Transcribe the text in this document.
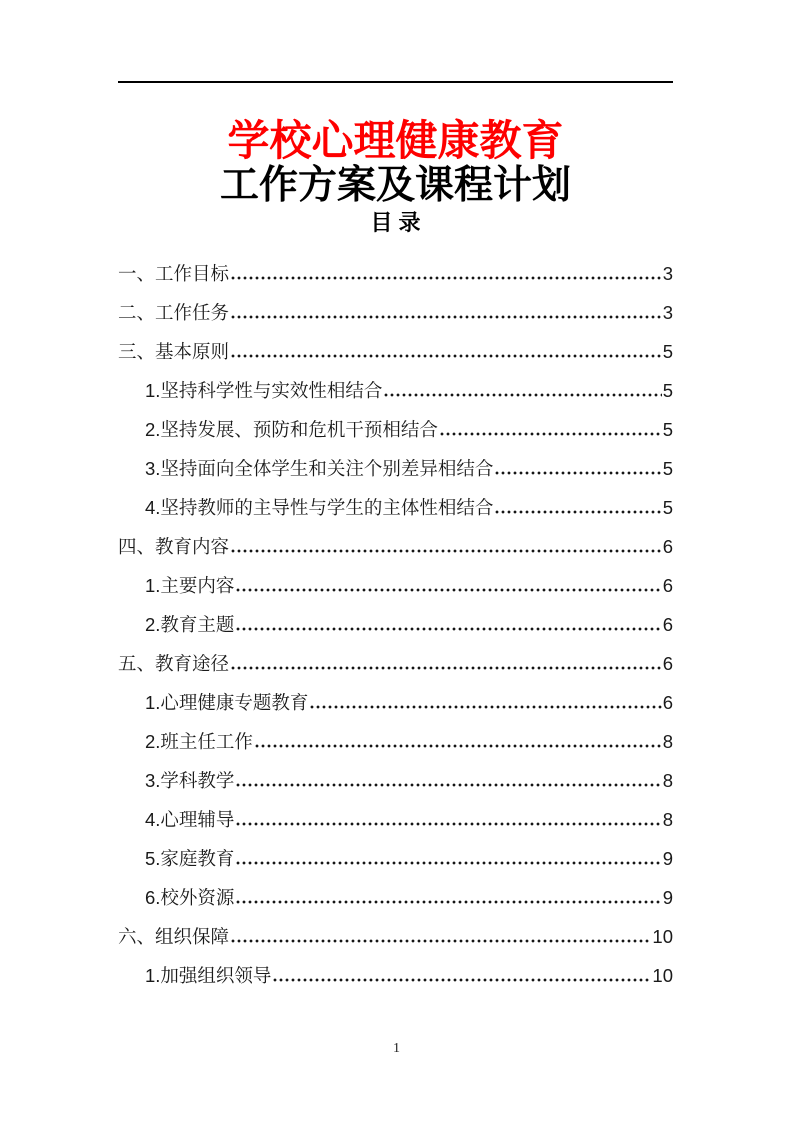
学校心理健康教育
工作方案及课程计划
目 录
一、工作目标	3
二、工作任务	3
三、基本原则	5
1.坚持科学性与实效性相结合	5
2.坚持发展、预防和危机干预相结合	5
3.坚持面向全体学生和关注个别差异相结合	5
4.坚持教师的主导性与学生的主体性相结合	5
四、教育内容	6
1.主要内容	6
2.教育主题	6
五、教育途径	6
1.心理健康专题教育	6
2.班主任工作	8
3.学科教学	8
4.心理辅导	8
5.家庭教育	9
6.校外资源	9
六、组织保障	10
1.加强组织领导	10
1
